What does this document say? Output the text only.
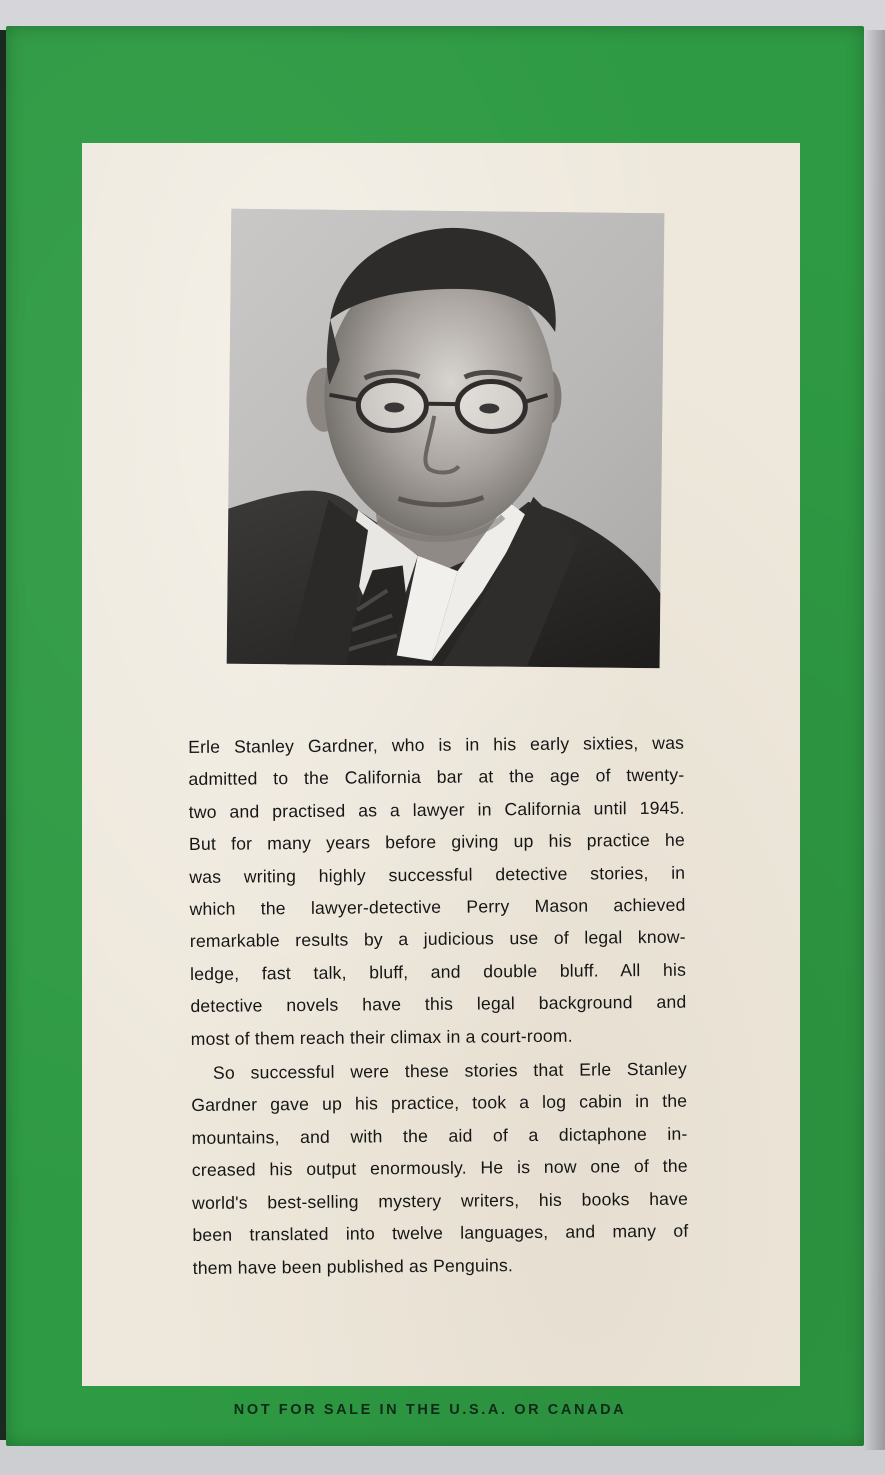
Erle Stanley Gardner, who is in his early sixties, was
admitted to the California bar at the age of twenty-
two and practised as a lawyer in California until 1945.
But for many years before giving up his practice he
was writing highly successful detective stories, in
which the lawyer-detective Perry Mason achieved
remarkable results by a judicious use of legal know-
ledge, fast talk, bluff, and double bluff. All his
detective novels have this legal background and
most of them reach their climax in a court-room.

So successful were these stories that Erle Stanley
Gardner gave up his practice, took a log cabin in the
mountains, and with the aid of a dictaphone in-
creased his output enormously. He is now one of the
world's best-selling mystery writers, his books have
been translated into twelve languages, and many of
them have been published as Penguins.

NOT FOR SALE IN THE U.S.A. OR CANADA
